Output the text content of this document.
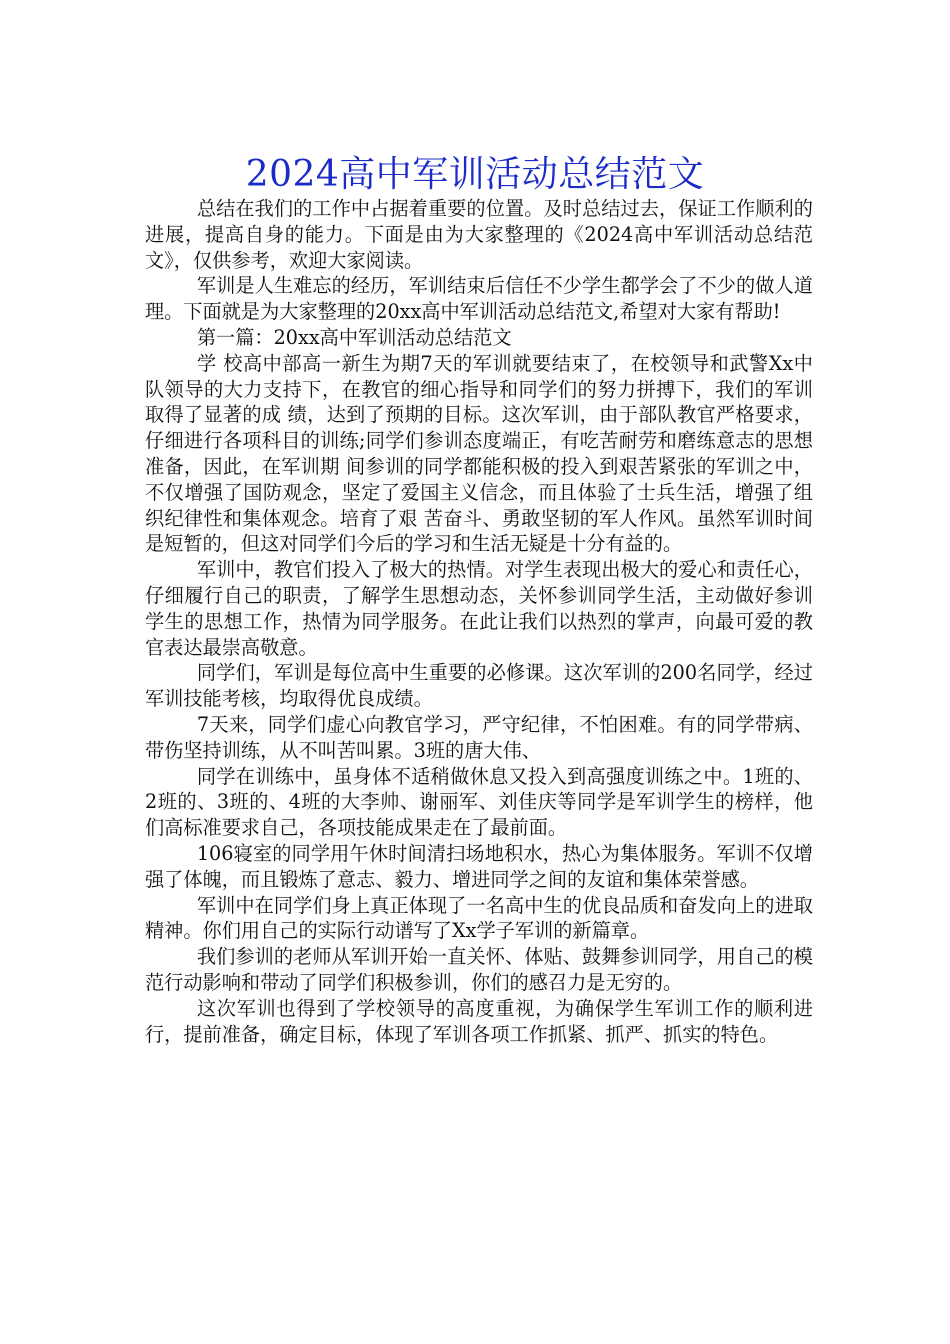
2024高中军训活动总结范文

总结在我们的工作中占据着重要的位置。及时总结过去，保证工作顺利的进展，提高自身的能力。下面是由为大家整理的《2024高中军训活动总结范文》，仅供参考，欢迎大家阅读。

军训是人生难忘的经历，军训结束后信任不少学生都学会了不少的做人道理。下面就是为大家整理的20xx高中军训活动总结范文,希望对大家有帮助!

第一篇：20xx高中军训活动总结范文

学 校高中部高一新生为期7天的军训就要结束了，在校领导和武警Xx中队领导的大力支持下，在教官的细心指导和同学们的努力拼搏下，我们的军训取得了显著的成 绩，达到了预期的目标。这次军训，由于部队教官严格要求，仔细进行各项科目的训练;同学们参训态度端正，有吃苦耐劳和磨练意志的思想准备，因此，在军训期 间参训的同学都能积极的投入到艰苦紧张的军训之中，不仅增强了国防观念，坚定了爱国主义信念，而且体验了士兵生活，增强了组织纪律性和集体观念。培育了艰 苦奋斗、勇敢坚韧的军人作风。虽然军训时间是短暂的，但这对同学们今后的学习和生活无疑是十分有益的。

军训中，教官们投入了极大的热情。对学生表现出极大的爱心和责任心，仔细履行自己的职责，了解学生思想动态，关怀参训同学生活，主动做好参训学生的思想工作，热情为同学服务。在此让我们以热烈的掌声，向最可爱的教官表达最崇高敬意。

同学们，军训是每位高中生重要的必修课。这次军训的200名同学，经过军训技能考核，均取得优良成绩。

7天来，同学们虚心向教官学习，严守纪律，不怕困难。有的同学带病、带伤坚持训练，从不叫苦叫累。3班的唐大伟、

同学在训练中，虽身体不适稍做休息又投入到高强度训练之中。1班的、2班的、3班的、4班的大李帅、谢丽军、刘佳庆等同学是军训学生的榜样，他们高标准要求自己，各项技能成果走在了最前面。

106寝室的同学用午休时间清扫场地积水，热心为集体服务。军训不仅增强了体魄，而且锻炼了意志、毅力、增进同学之间的友谊和集体荣誉感。

军训中在同学们身上真正体现了一名高中生的优良品质和奋发向上的进取精神。你们用自己的实际行动谱写了Xx学子军训的新篇章。

我们参训的老师从军训开始一直关怀、体贴、鼓舞参训同学，用自己的模范行动影响和带动了同学们积极参训，你们的感召力是无穷的。

这次军训也得到了学校领导的高度重视，为确保学生军训工作的顺利进行，提前准备，确定目标，体现了军训各项工作抓紧、抓严、抓实的特色。
